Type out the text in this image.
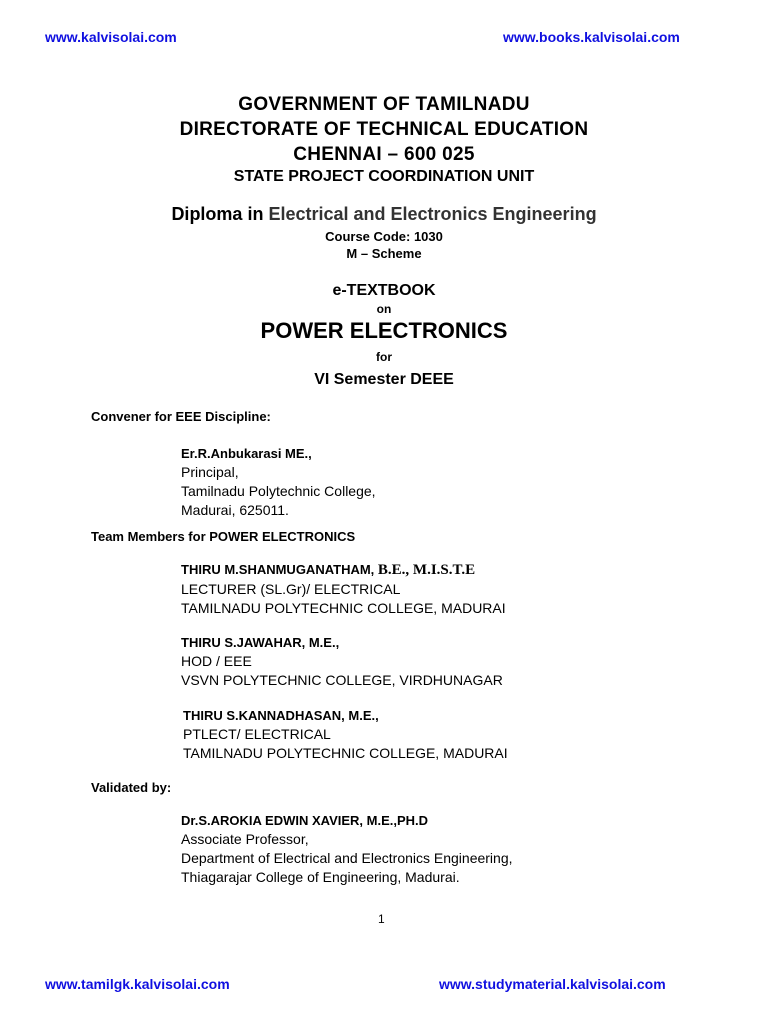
www.kalvisolai.com	www.books.kalvisolai.com
GOVERNMENT OF TAMILNADU
DIRECTORATE OF TECHNICAL EDUCATION
CHENNAI – 600 025
STATE PROJECT COORDINATION UNIT
Diploma in Electrical and Electronics Engineering
Course Code: 1030
M – Scheme
e-TEXTBOOK
on
POWER ELECTRONICS
for
VI Semester DEEE
Convener for EEE Discipline:
Er.R.Anbukarasi ME.,
Principal,
Tamilnadu Polytechnic College,
Madurai, 625011.
Team Members for POWER ELECTRONICS
THIRU M.SHANMUGANATHAM, B.E., M.I.S.T.E
LECTURER (SL.Gr)/ ELECTRICAL
TAMILNADU POLYTECHNIC COLLEGE, MADURAI
THIRU S.JAWAHAR, M.E.,
HOD / EEE
VSVN POLYTECHNIC COLLEGE, VIRDHUNAGAR
THIRU S.KANNADHASAN, M.E.,
PTLECT/ ELECTRICAL
TAMILNADU POLYTECHNIC COLLEGE, MADURAI
Validated by:
Dr.S.AROKIA EDWIN XAVIER, M.E.,PH.D
Associate Professor,
Department of Electrical and Electronics Engineering,
Thiagarajar College of Engineering, Madurai.
1
www.tamilgk.kalvisolai.com	www.studymaterial.kalvisolai.com
